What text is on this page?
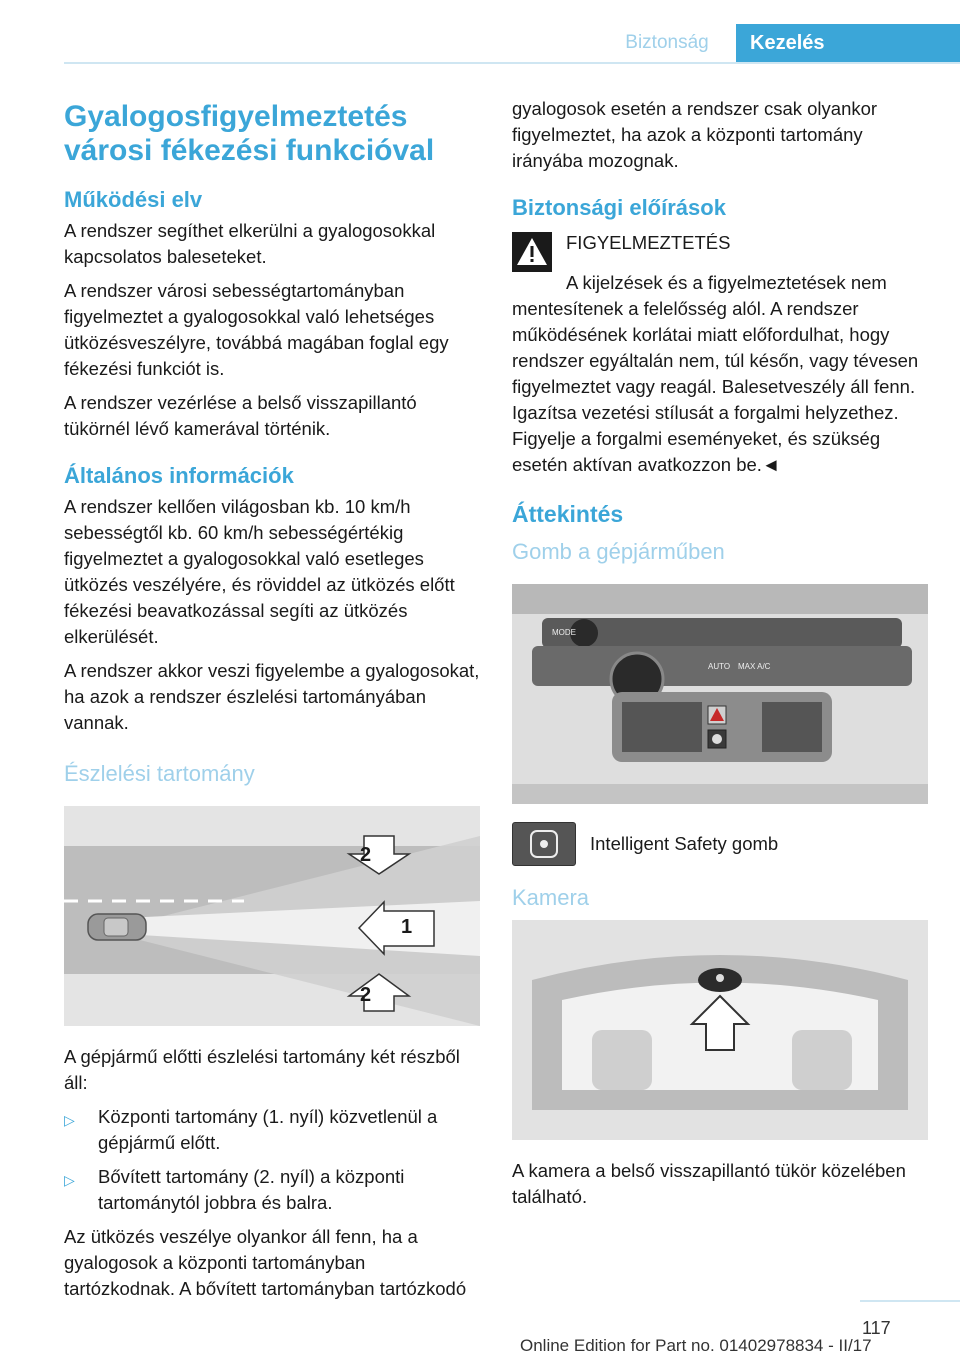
Biztonság	Kezelés
Gyalogosfigyelmeztetés városi fékezési funkcióval
Működési elv

A rendszer segíthet elkerülni a gyalogosokkal kapcsolatos baleseteket.

A rendszer városi sebességtartományban figyelmeztet a gyalogosokkal való lehetséges ütközésveszélyre, továbbá magában foglal egy fékezési funkciót is.

A rendszer vezérlése a belső visszapillantó tükörnél lévő kamerával történik.

Általános információk

A rendszer kellően világosban kb. 10 km/h sebességtől kb. 60 km/h sebességértékig figyelmeztet a gyalogosokkal való esetleges ütközés veszélyére, és röviddel az ütközés előtt fékezési beavatkozással segíti az ütközés elkerülését.

A rendszer akkor veszi figyelembe a gyalogosokat, ha azok a rendszer észlelési tartományában vannak.

Észlelési tartomány
2
1
2

A gépjármű előtti észlelési tartomány két részből áll:

▷	Központi tartomány (1. nyíl) közvetlenül a gépjármű előtt.
▷	Bővített tartomány (2. nyíl) a központi tartománytól jobbra és balra.

Az ütközés veszélye olyankor áll fenn, ha a gyalogosok a központi tartományban tartózkodnak. A bővített tartományban tartózkodó

gyalogosok esetén a rendszer csak olyankor figyelmeztet, ha azok a központi tartomány irányába mozognak.

Biztonsági előírások

FIGYELMEZTETÉS

A kijelzések és a figyelmeztetések nem mentesítenek a felelősség alól. A rendszer működésének korlátai miatt előfordulhat, hogy rendszer egyáltalán nem, túl későn, vagy tévesen figyelmeztet vagy reagál. Balesetveszély áll fenn. Igazítsa vezetési stílusát a forgalmi helyzethez. Figyelje a forgalmi eseményeket, és szükség esetén aktívan avatkozzon be.◄

Áttekintés
Gomb a gépjárműben
MODE
AUTO MAX A/C
Intelligent Safety gomb
Kamera

A kamera a belső visszapillantó tükör közelében található.

117
Online Edition for Part no. 01402978834 - II/17
